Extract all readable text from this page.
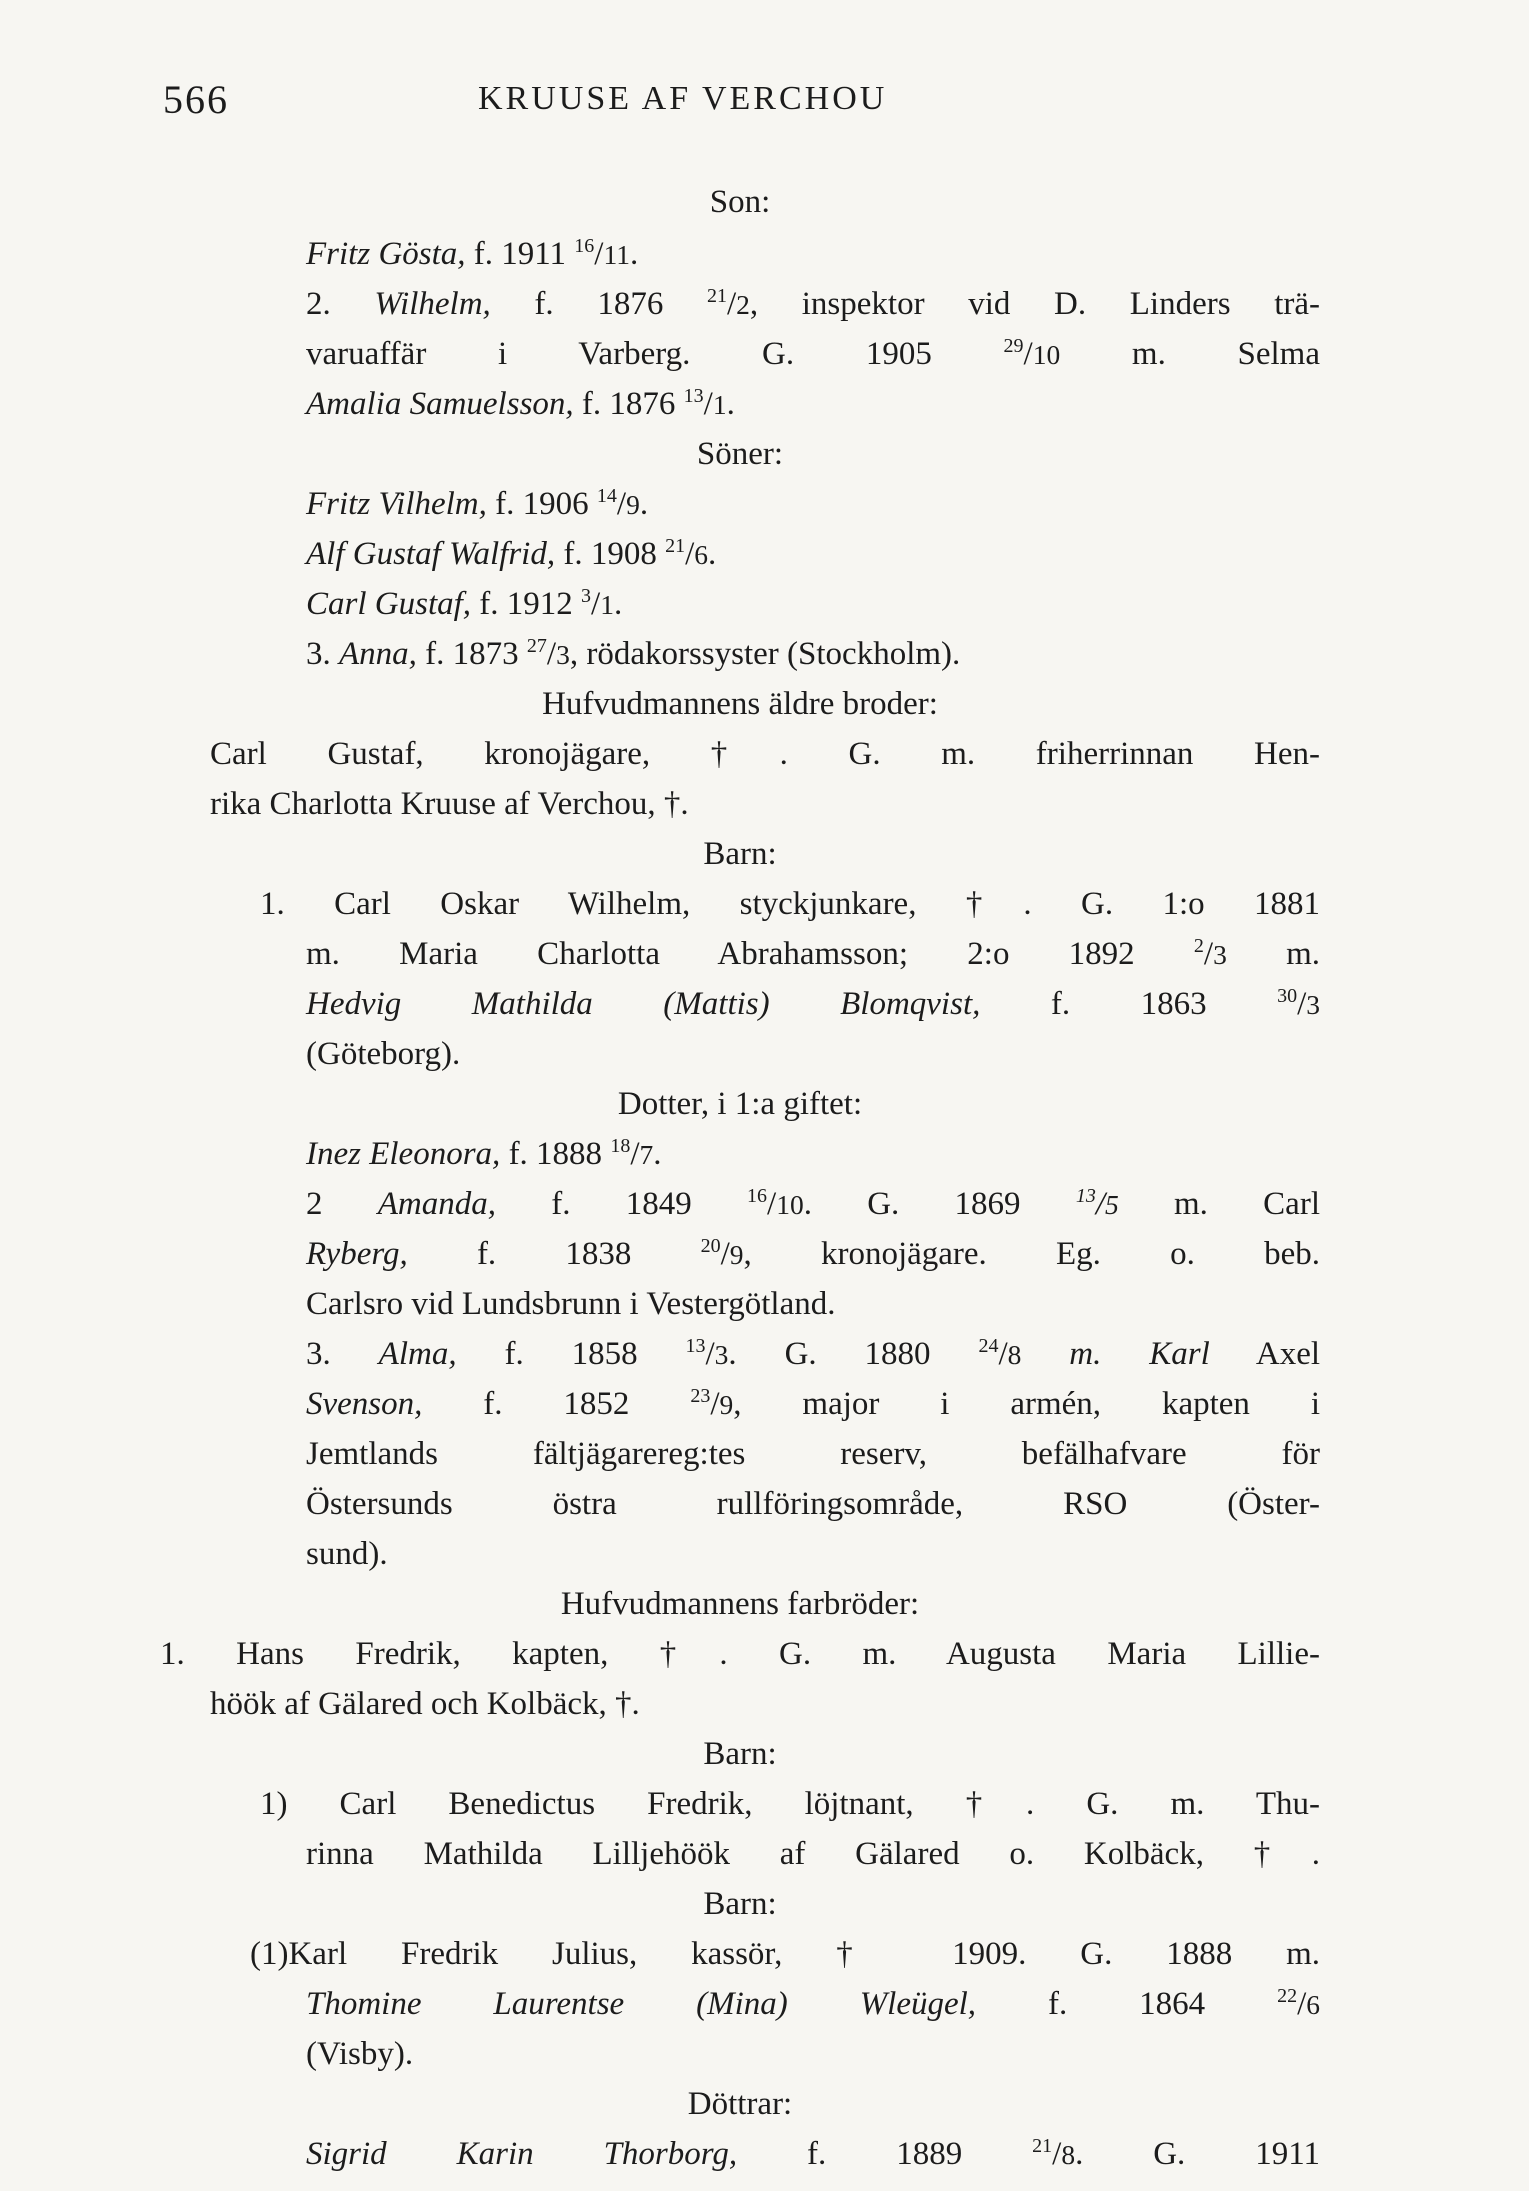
566	KRUUSE AF VERCHOU
Son:
Fritz Gösta, f. 1911 $^{16}$/11.
2. Wilhelm, f. 1876 $^{21}$/2, inspektor vid D. Linders trä-
varuaffär i Varberg. G. 1905 $^{29}$/10 m. Selma
Amalia Samuelsson, f. 1876 $^{13}$/1.
Söner:
Fritz Vilhelm, f. 1906 $^{14}$/9.
Alf Gustaf Walfrid, f. 1908 $^{21}$/6.
Carl Gustaf, f. 1912 $^3$/1.
3. Anna, f. 1873 $^{27}$/3, rödakorssyster (Stockholm).
Hufvudmannens äldre broder:
Carl Gustaf, kronojägare, †. G. m. friherrinnan Hen-
rika Charlotta Kruuse af Verchou, †.
Barn:
1. Carl Oskar Wilhelm, styckjunkare, †. G. 1:o 1881
m. Maria Charlotta Abrahamsson; 2:o 1892 $^2$/3 m.
Hedvig Mathilda (Mattis) Blomqvist, f. 1863 $^{30}$/3
(Göteborg).
Dotter, i 1:a giftet:
Inez Eleonora, f. 1888 $^{18}$/7.
2 Amanda, f. 1849 $^{16}$/10. G. 1869 $^{13}$/5 m. Carl
Ryberg, f. 1838 $^{20}$/9, kronojägare. Eg. o. beb.
Carlsro vid Lundsbrunn i Vestergötland.
3. Alma, f. 1858 $^{13}$/3. G. 1880 $^{24}$/8 m. Karl Axel
Svenson, f. 1852 $^{23}$/9, major i armén, kapten i
Jemtlands fältjägarereg:tes reserv, befälhafvare för
Östersunds östra rullföringsområde, RSO (Öster-
sund).
Hufvudmannens farbröder:
1. Hans Fredrik, kapten, †. G. m. Augusta Maria Lillie-
höök af Gälared och Kolbäck, †.
Barn:
1) Carl Benedictus Fredrik, löjtnant, †. G. m. Thu-
rinna Mathilda Lilljehöök af Gälared o. Kolbäck, †.
Barn:
(1)Karl Fredrik Julius, kassör, † 1909. G. 1888 m.
Thomine Laurentse (Mina) Wleügel, f. 1864 $^{22}$/6
(Visby).
Döttrar:
Sigrid Karin Thorborg, f. 1889 $^{21}$/8. G. 1911
